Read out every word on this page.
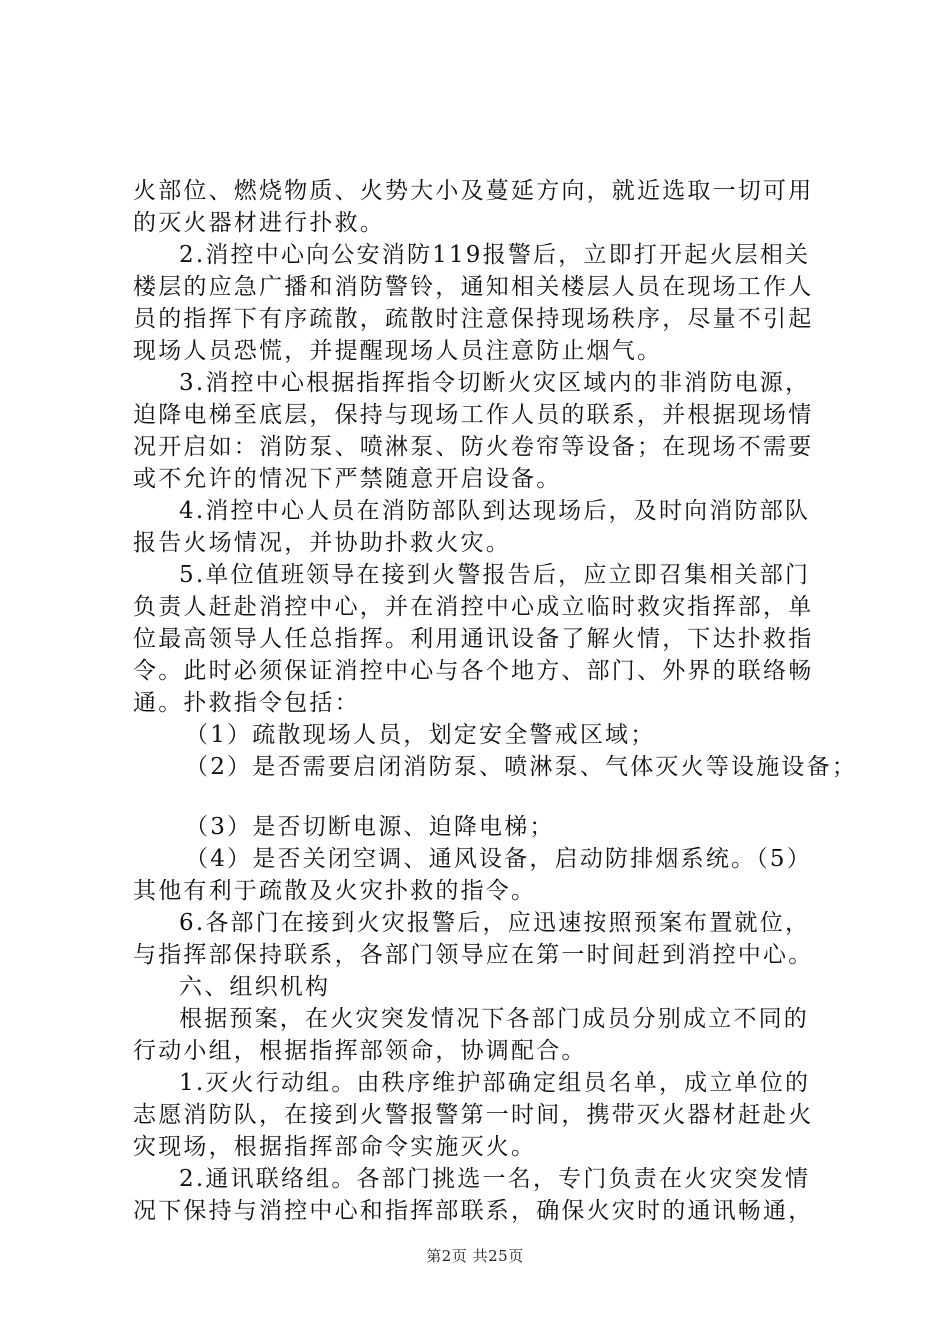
火部位、燃烧物质、火势大小及蔓延方向，就近选取一切可用
的灭火器材进行扑救。
2.消控中心向公安消防119报警后，立即打开起火层相关
楼层的应急广播和消防警铃，通知相关楼层人员在现场工作人
员的指挥下有序疏散，疏散时注意保持现场秩序，尽量不引起
现场人员恐慌，并提醒现场人员注意防止烟气。
3.消控中心根据指挥指令切断火灾区域内的非消防电源，
迫降电梯至底层，保持与现场工作人员的联系，并根据现场情
况开启如：消防泵、喷淋泵、防火卷帘等设备；在现场不需要
或不允许的情况下严禁随意开启设备。
4.消控中心人员在消防部队到达现场后，及时向消防部队
报告火场情况，并协助扑救火灾。
5.单位值班领导在接到火警报告后，应立即召集相关部门
负责人赶赴消控中心，并在消控中心成立临时救灾指挥部，单
位最高领导人任总指挥。利用通讯设备了解火情，下达扑救指
令。此时必须保证消控中心与各个地方、部门、外界的联络畅
通。扑救指令包括：
（1）疏散现场人员，划定安全警戒区域；
（2）是否需要启闭消防泵、喷淋泵、气体灭火等设施设备；
（3）是否切断电源、迫降电梯；
（4）是否关闭空调、通风设备，启动防排烟系统。（5）
其他有利于疏散及火灾扑救的指令。
6.各部门在接到火灾报警后，应迅速按照预案布置就位，
与指挥部保持联系，各部门领导应在第一时间赶到消控中心。
六、组织机构
根据预案，在火灾突发情况下各部门成员分别成立不同的
行动小组，根据指挥部领命，协调配合。
1.灭火行动组。由秩序维护部确定组员名单，成立单位的
志愿消防队，在接到火警报警第一时间，携带灭火器材赶赴火
灾现场，根据指挥部命令实施灭火。
2.通讯联络组。各部门挑选一名，专门负责在火灾突发情
况下保持与消控中心和指挥部联系，确保火灾时的通讯畅通，
第2页 共25页
